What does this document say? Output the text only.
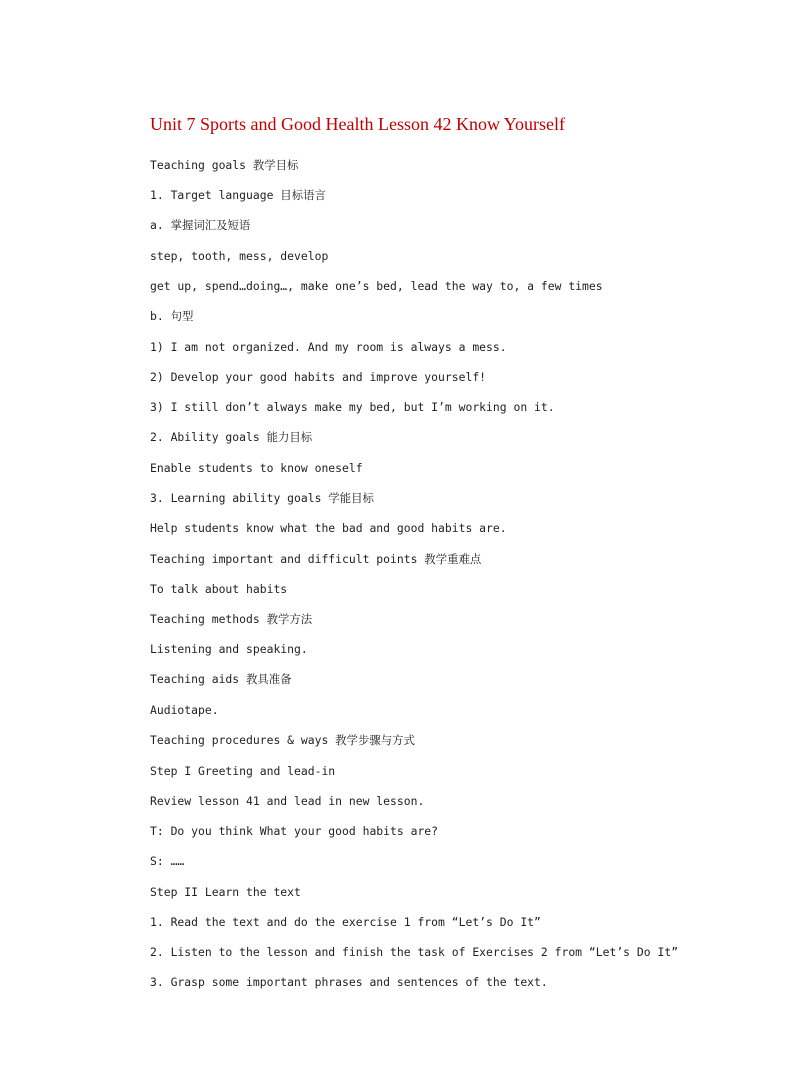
Unit 7 Sports and Good Health Lesson 42 Know Yourself
Teaching goals 教学目标
1. Target language 目标语言
a. 掌握词汇及短语
step, tooth, mess, develop
get up, spend…doing…, make one’s bed, lead the way to, a few times
b. 句型
1) I am not organized. And my room is always a mess.
2) Develop your good habits and improve yourself!
3) I still don’t always make my bed, but I’m working on it.
2. Ability goals 能力目标
Enable students to know oneself
3. Learning ability goals 学能目标
Help students know what the bad and good habits are.
Teaching important and difficult points 教学重难点
To talk about habits
Teaching methods 教学方法
Listening and speaking.
Teaching aids 教具准备
Audiotape.
Teaching procedures & ways 教学步骤与方式
Step I Greeting and lead-in
Review lesson 41 and lead in new lesson.
T: Do you think What your good habits are?
S: ……
Step II Learn the text
1. Read the text and do the exercise 1 from “Let’s Do It”
2. Listen to the lesson and finish the task of Exercises 2 from “Let’s Do It”
3. Grasp some important phrases and sentences of the text.
